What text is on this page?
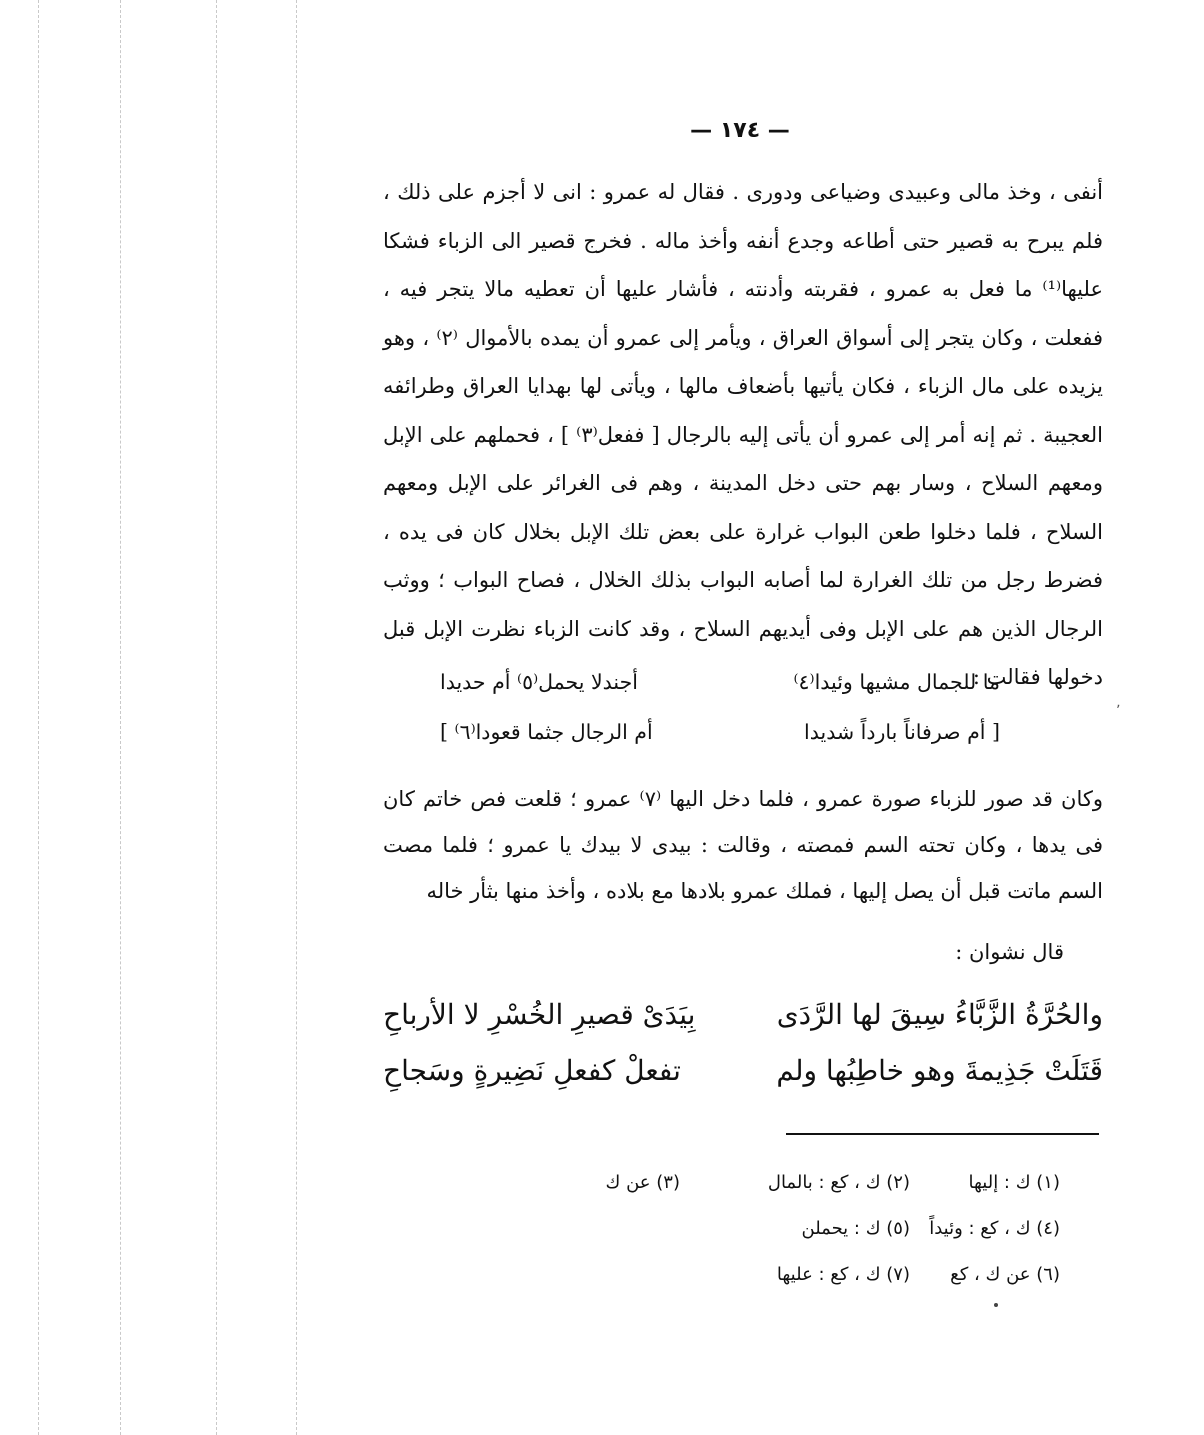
— ١٧٤ —

أنفى ، وخذ مالى وعبيدى وضياعى ودورى . فقال له عمرو : انى لا أجزم على ذلك ، فلم يبرح به قصير حتى أطاعه وجدع أنفه وأخذ ماله . فخرج قصير الى الزباء فشكا عليها⁽¹⁾ ما فعل به عمرو ، فقربته وأدنته ، فأشار عليها أن تعطيه مالا يتجر فيه ، ففعلت ، وكان يتجر إلى أسواق العراق ، ويأمر إلى عمرو أن يمده بالأموال ⁽٢⁾ ، وهو يزيده على مال الزباء ، فكان يأتيها بأضعاف مالها ، ويأتى لها بهدايا العراق وطرائفه العجيبة . ثم إنه أمر إلى عمرو أن يأتى إليه بالرجال [ ففعل⁽٣⁾ ] ، فحملهم على الإبل ومعهم السلاح ، وسار بهم حتى دخل المدينة ، وهم فى الغرائر على الإبل ومعهم السلاح ، فلما دخلوا طعن البواب غرارة على بعض تلك الإبل بخلال كان فى يده ، فضرط رجل من تلك الغرارة لما أصابه البواب بذلك الخلال ، فصاح البواب ؛ ووثب الرجال الذين هم على الإبل وفى أيديهم السلاح ، وقد كانت الزباء نظرت الإبل قبل دخولها فقالت :

ما للجمال مشيها وئيدا⁽٤⁾
أجندلا يحمل⁽٥⁾ أم حديدا
[ أم صرفاناً بارداً شديدا
أم الرجال جثما قعودا⁽٦⁾ ]

وكان قد صور للزباء صورة عمرو ، فلما دخل اليها ⁽٧⁾ عمرو ؛ قلعت فص خاتم كان فى يدها ، وكان تحته السم فمصته ، وقالت : بيدى لا بيدك يا عمرو ؛ فلما مصت السم ماتت قبل أن يصل إليها ، فملك عمرو بلادها مع بلاده ، وأخذ منها بثأر خاله

قال نشوان :
والحُرَّةُ الزَّبَّاءُ سِيقَ لها الرَّدَى
بِيَدَىْ قصيرِ الخُسْرِ لا الأرباحِ
قَتَلَتْ جَذِيمةَ وهو خاطِبُها ولم
تفعلْ كفعلِ نَضِيرةٍ وسَجاحِ
(١) ك : إليها
(٢) ك ، كع : بالمال
(٣) عن ك
(٤) ك ، كع : وئيداً
(٥) ك : يحملن
(٦) عن ك ، كع
(٧) ك ، كع : عليها
٬
